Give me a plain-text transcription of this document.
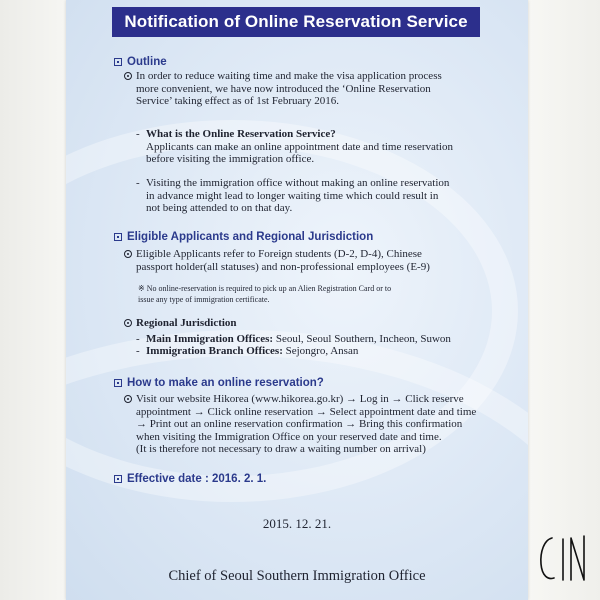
Notification of Online Reservation Service
Outline
In order to reduce waiting time and make the visa application process
more convenient, we have now introduced the ‘Online Reservation
Service’ taking effect as of 1st February 2016.
- What is the Online Reservation Service?
Applicants can make an online appointment date and time reservation
before visiting the immigration office.
- Visiting the immigration office without making an online reservation
in advance might lead to longer waiting time which could result in
not being attended to on that day.
Eligible Applicants and Regional Jurisdiction
Eligible Applicants refer to Foreign students (D-2, D-4), Chinese
passport holder(all statuses) and non-professional employees (E-9)
※ No online-reservation is required to pick up an Alien Registration Card or to
issue any type of immigration certificate.
Regional Jurisdiction
- Main Immigration Offices: Seoul, Seoul Southern, Incheon, Suwon
- Immigration Branch Offices: Sejongro, Ansan
How to make an online reservation?
Visit our website Hikorea (www.hikorea.go.kr) → Log in → Click reserve
appointment → Click online reservation → Select appointment date and time
→ Print out an online reservation confirmation → Bring this confirmation
when visiting the Immigration Office on your reserved date and time.
(It is therefore not necessary to draw a waiting number on arrival)
Effective date : 2016. 2. 1.
2015. 12. 21.
Chief of Seoul Southern Immigration Office
